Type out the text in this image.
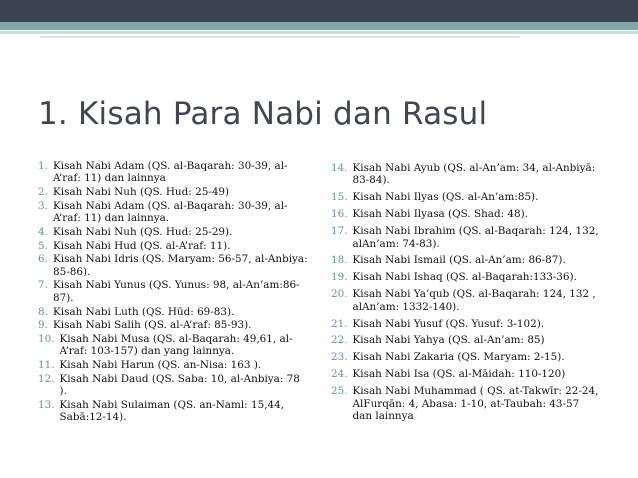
1. Kisah Para Nabi dan Rasul
1. Kisah Nabi Adam (QS. al-Baqarah: 30-39, al-A’raf: 11) dan lainnya
2. Kisah Nabi Nuh (QS. Hud: 25-49)
3. Kisah Nabi Adam (QS. al-Baqarah: 30-39, al-A’raf: 11) dan lainnya.
4. Kisah Nabi Nuh (QS. Hud: 25-29).
5. Kisah Nabi Hud (QS. al-A’raf: 11).
6. Kisah Nabi Idris (QS. Maryam: 56-57, al-Anbiya: 85-86).
7. Kisah Nabi Yunus (QS. Yunus: 98, al-An’am:86-87).
8. Kisah Nabi Luth (QS. Hūd: 69-83).
9. Kisah Nabi Salih (QS. al-A’raf: 85-93).
10. Kisah Nabi Musa (QS. al-Baqarah: 49,61, al-A’raf: 103-157) dan yang lainnya.
11. Kisah Nabi Harun (QS. an-Nisa: 163 ).
12. Kisah Nabi Daud (QS. Saba: 10, al-Anbiya: 78 ).
13. Kisah Nabi Sulaiman (QS. an-Naml: 15,44, Sabā:12-14).
14. Kisah Nabi Ayub (QS. al-An’am: 34, al-Anbiyā: 83-84).
15. Kisah Nabi Ilyas (QS. al-An’am:85).
16. Kisah Nabi Ilyasa (QS. Shad: 48).
17. Kisah Nabi Ibrahim (QS. al-Baqarah: 124, 132, alAn’am: 74-83).
18. Kisah Nabi Ismail (QS. al-An’am: 86-87).
19. Kisah Nabi Ishaq (QS. al-Baqarah:133-36).
20. Kisah Nabi Ya’qub (QS. al-Baqarah: 124, 132 , alAn’am: 1332-140).
21. Kisah Nabi Yusuf (QS. Yusuf: 3-102).
22. Kisah Nabi Yahya (QS. al-An’am: 85)
23. Kisah Nabi Zakaria (QS. Maryam: 2-15).
24. Kisah Nabi Isa (QS. al-Māidah: 110-120)
25. Kisah Nabi Muhammad ( QS. at-Takwīr: 22-24, AlFurqān: 4, Abasa: 1-10, at-Taubah: 43-57 dan lainnya
